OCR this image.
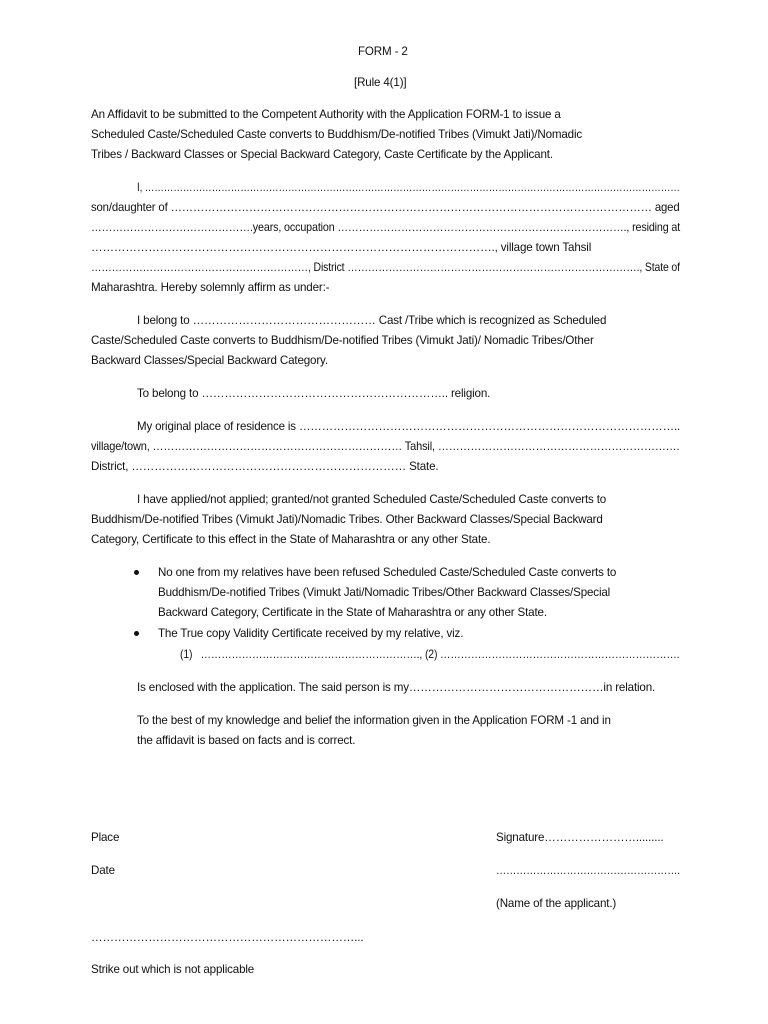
FORM - 2
[Rule 4(1)]
An Affidavit to be submitted to the Competent Authority with the Application FORM-1 to issue a
Scheduled Caste/Scheduled Caste converts to Buddhism/De-notified Tribes (Vimukt Jati)/Nomadic
Tribes / Backward Classes or Special Backward Category, Caste Certificate by the Applicant.
I, ……………………………………………………………………………………………………………………………………………………
son/daughter of ………………………………………………………………………………………………………………… aged
……………………………………….years, occupation ………………………………………………………………………., residing at
……………………………………………………………………………………………., village town Tahsil
………………………………………………………, District …………………………………………………………………………., State of
Maharashtra. Hereby solemnly affirm as under:-
I belong to ………………………………………… Cast /Tribe which is recognized as Scheduled
Caste/Scheduled Caste converts to Buddhism/De-notified Tribes (Vimukt Jati)/ Nomadic Tribes/Other
Backward Classes/Special Backward Category.
To belong to ……………………………………………………….. religion.
My original place of residence is ………………………………………………………………………………………..
village/town, …………………………………………………………… Tahsil, ………………………………………………………….
District, ……………………………………………………………… State.
I have applied/not applied; granted/not granted Scheduled Caste/Scheduled Caste converts to
Buddhism/De-notified Tribes (Vimukt Jati)/Nomadic Tribes. Other Backward Classes/Special Backward
Category, Certificate to this effect in the State of Maharashtra or any other State.
No one from my relatives have been refused Scheduled Caste/Scheduled Caste converts to
Buddhism/De-notified Tribes (Vimukt Jati/Nomadic Tribes/Other Backward Classes/Special
Backward Category, Certificate in the State of Maharashtra or any other State.
The True copy Validity Certificate received by my relative, viz.
(1)   ………………………………………………………., (2) …………………………………………………………….
Is enclosed with the application. The said person is my……………………………………………in relation.
To the best of my knowledge and belief the information given in the Application FORM -1 and in
the affidavit is based on facts and is correct.
Place	Signature…………………….........
Date	……………………………………………….
(Name of the applicant.)
……………………………………………………………...
Strike out which is not applicable
